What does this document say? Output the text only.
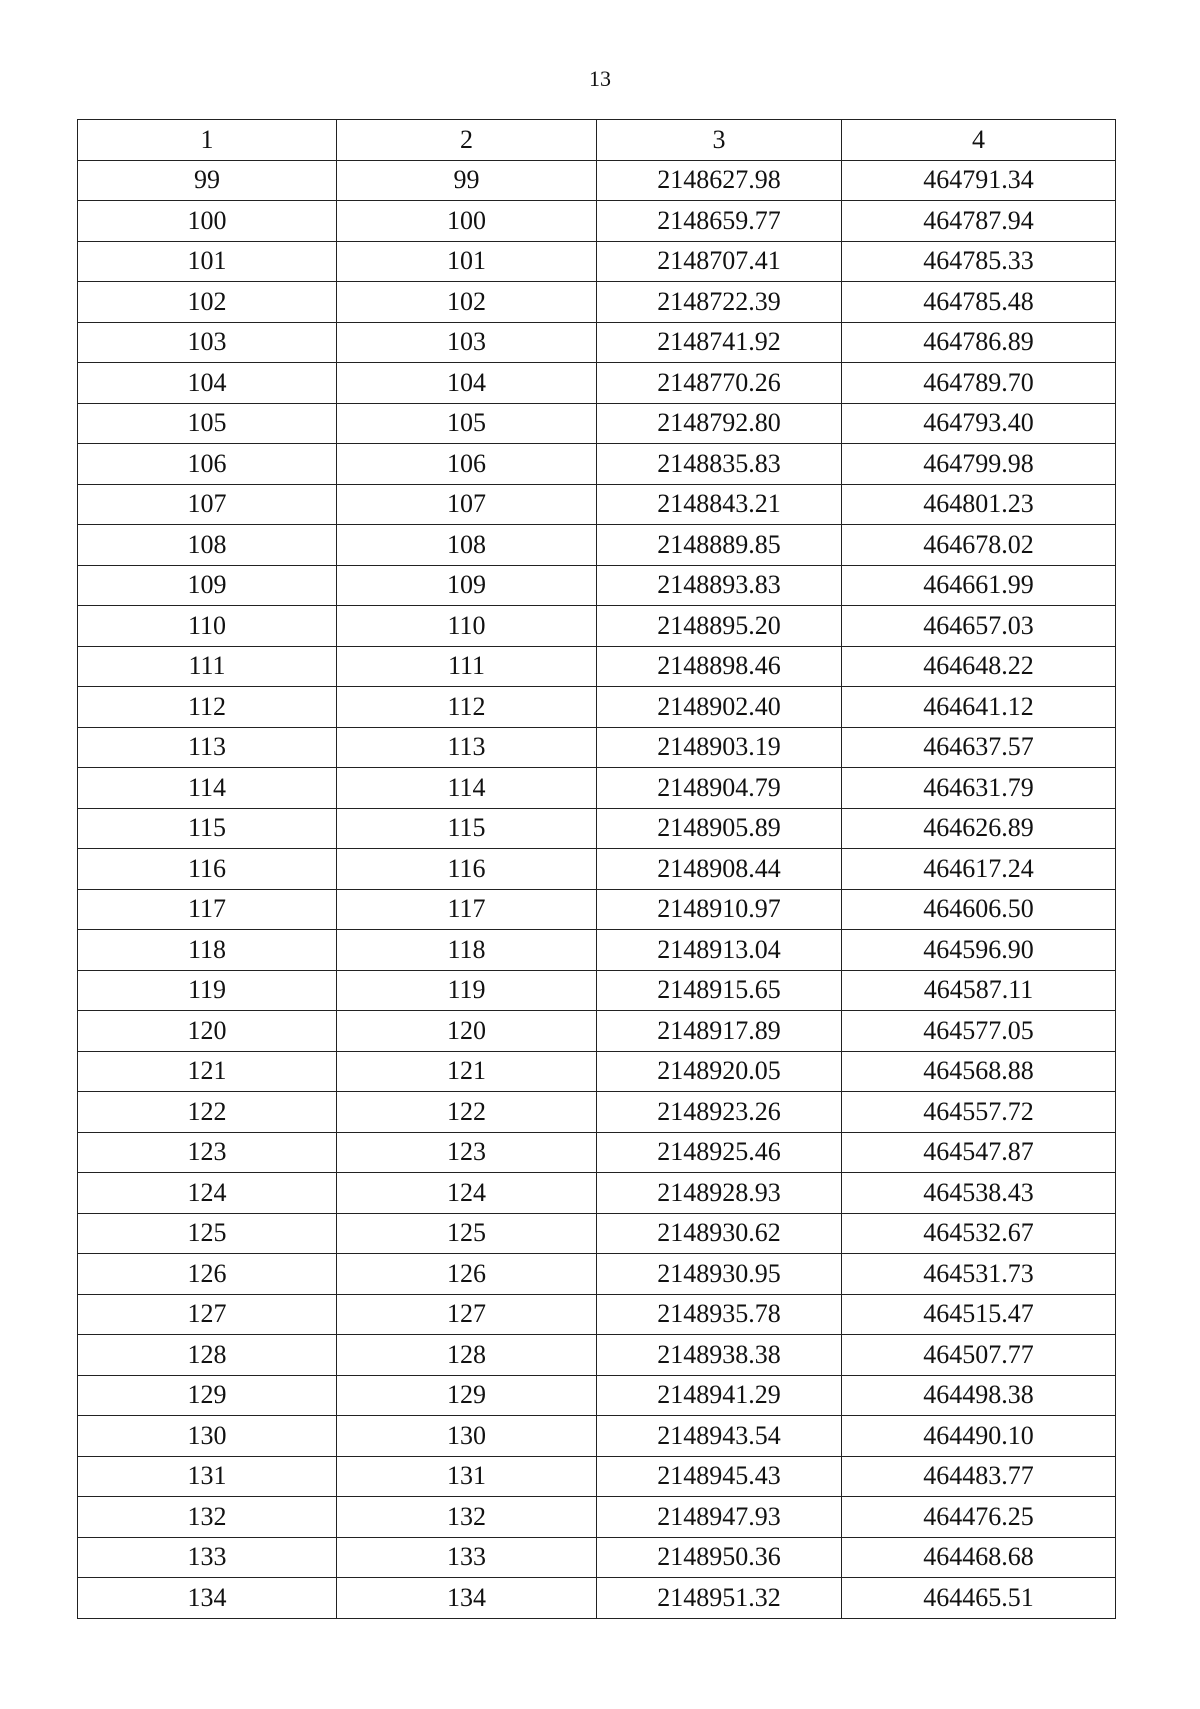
13
1	2	3	4
99	99	2148627.98	464791.34
100	100	2148659.77	464787.94
101	101	2148707.41	464785.33
102	102	2148722.39	464785.48
103	103	2148741.92	464786.89
104	104	2148770.26	464789.70
105	105	2148792.80	464793.40
106	106	2148835.83	464799.98
107	107	2148843.21	464801.23
108	108	2148889.85	464678.02
109	109	2148893.83	464661.99
110	110	2148895.20	464657.03
111	111	2148898.46	464648.22
112	112	2148902.40	464641.12
113	113	2148903.19	464637.57
114	114	2148904.79	464631.79
115	115	2148905.89	464626.89
116	116	2148908.44	464617.24
117	117	2148910.97	464606.50
118	118	2148913.04	464596.90
119	119	2148915.65	464587.11
120	120	2148917.89	464577.05
121	121	2148920.05	464568.88
122	122	2148923.26	464557.72
123	123	2148925.46	464547.87
124	124	2148928.93	464538.43
125	125	2148930.62	464532.67
126	126	2148930.95	464531.73
127	127	2148935.78	464515.47
128	128	2148938.38	464507.77
129	129	2148941.29	464498.38
130	130	2148943.54	464490.10
131	131	2148945.43	464483.77
132	132	2148947.93	464476.25
133	133	2148950.36	464468.68
134	134	2148951.32	464465.51
